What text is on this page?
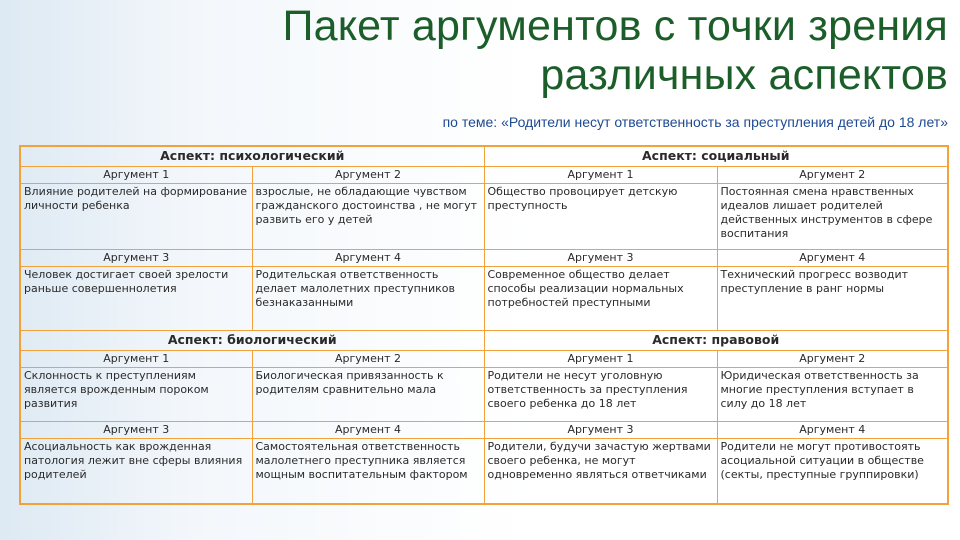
Пакет аргументов с точки зрения
различных аспектов
по теме: «Родители несут ответственность за преступления детей до 18 лет»
Аспект: психологический		Аспект: социальный	
Аргумент 1	Аргумент 2	Аргумент 1	Аргумент 2
Влияние родителей на формирование личности ребенка	взрослые, не обладающие чувством гражданского достоинства , не могут развить его у детей	Общество провоцирует детскую преступность	Постоянная смена нравственных идеалов лишает родителей действенных инструментов в сфере воспитания
Аргумент 3	Аргумент 4	Аргумент 3	Аргумент 4
Человек достигает своей зрелости раньше совершеннолетия	Родительская ответственность делает малолетних преступников безнаказанными	Современное общество делает способы реализации нормальных потребностей преступными	Технический прогресс возводит преступление в ранг нормы
Аспект: биологический		Аспект: правовой	
Аргумент 1	Аргумент 2	Аргумент 1	Аргумент 2
Склонность к преступлениям является врожденным пороком развития	Биологическая привязанность к родителям сравнительно мала	Родители не несут уголовную ответственность за преступления своего ребенка до 18 лет	Юридическая ответственность за многие преступления вступает в силу до 18 лет
Аргумент 3	Аргумент 4	Аргумент 3	Аргумент 4
Асоциальность как врожденная патология лежит вне сферы влияния родителей	Самостоятельная ответственность малолетнего преступника является мощным воспитательным фактором	Родители, будучи зачастую жертвами своего ребенка, не могут одновременно являться ответчиками	Родители не могут противостоять асоциальной ситуации в обществе (секты, преступные группировки)
